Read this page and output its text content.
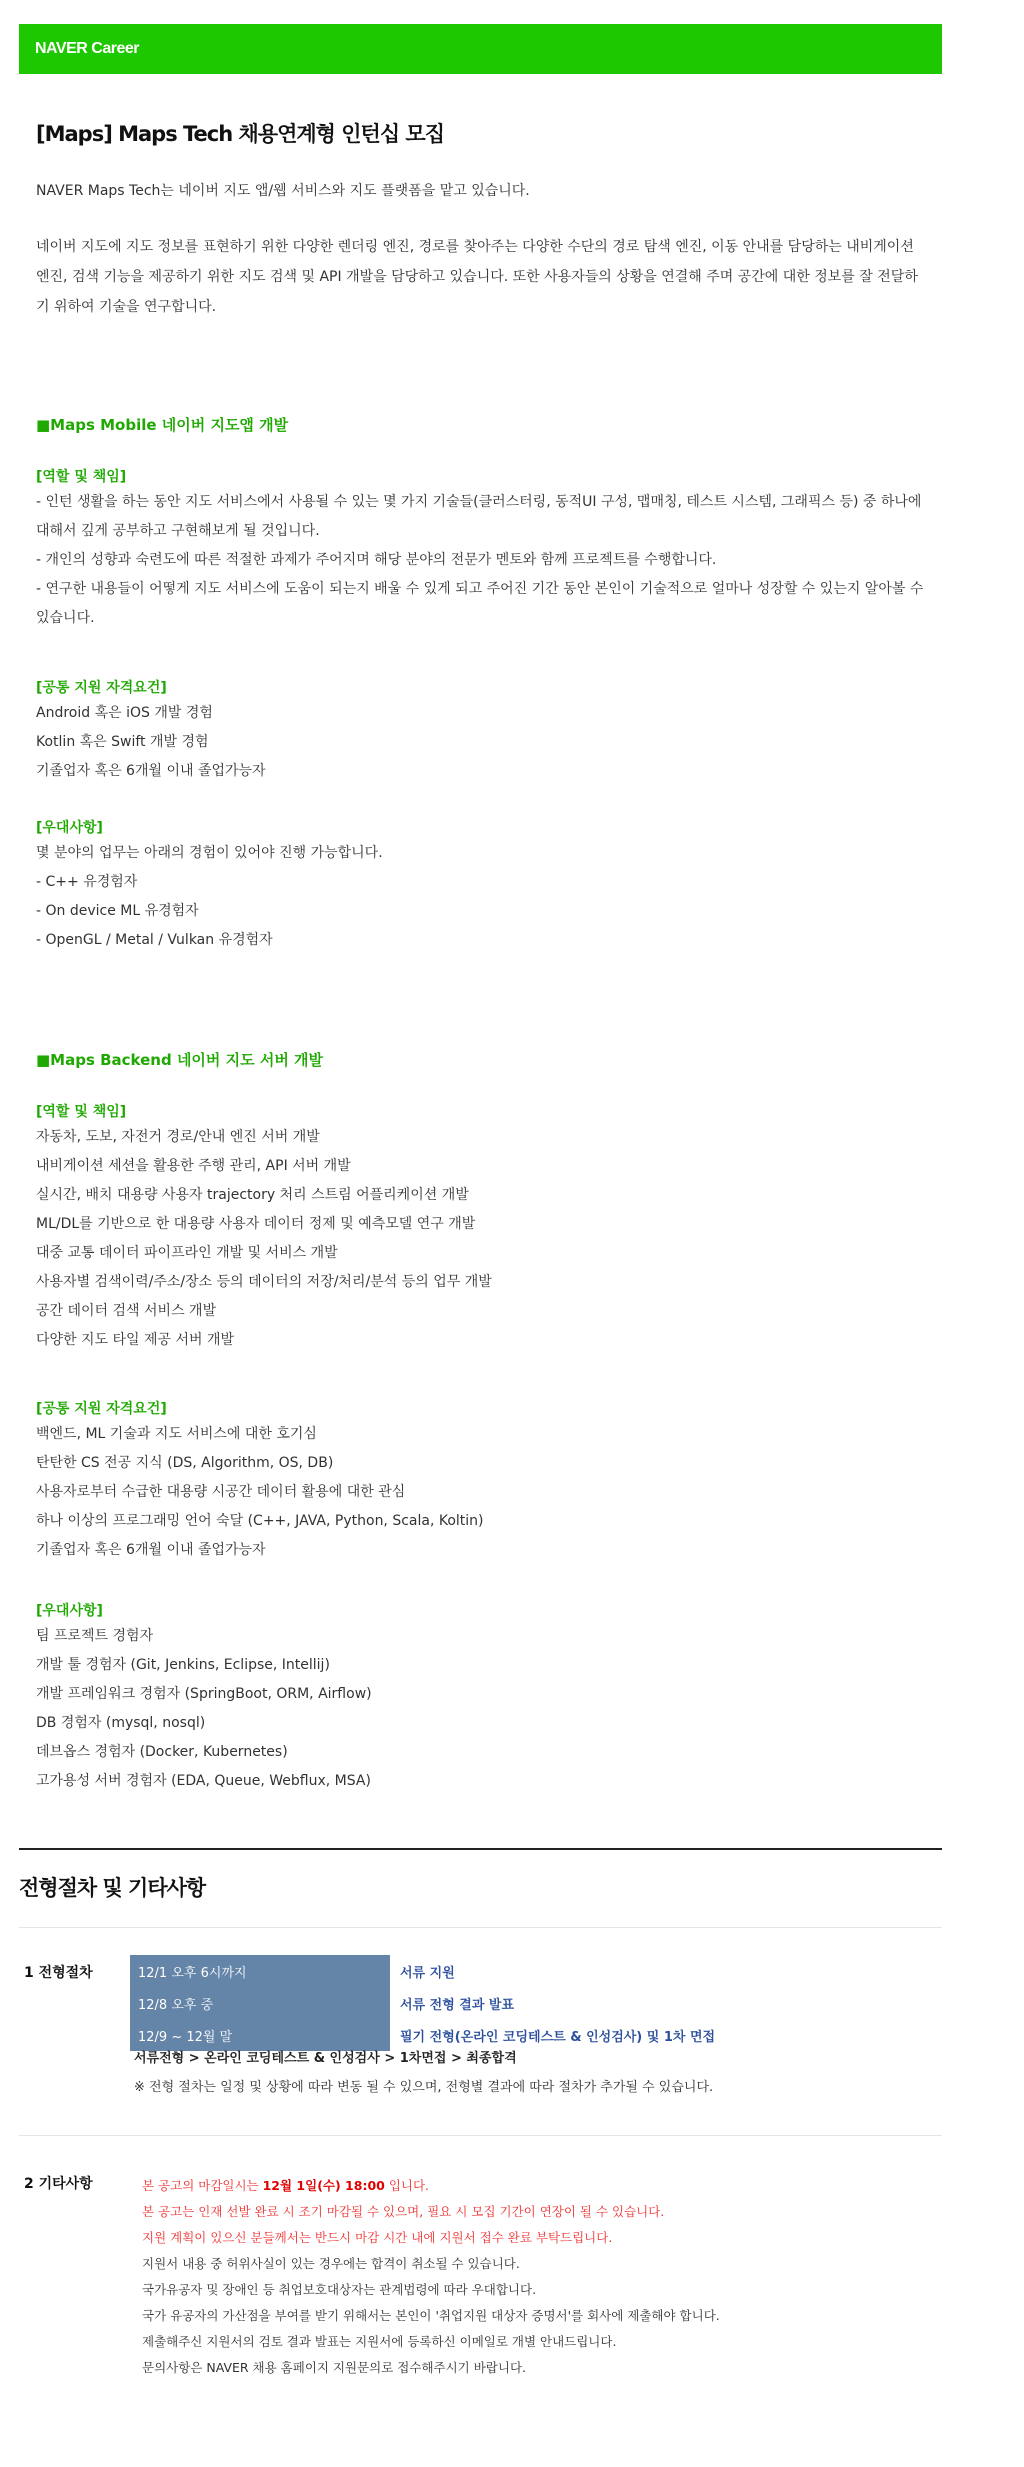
NAVER Career
[Maps] Maps Tech 채용연계형 인턴십 모집
NAVER Maps Tech는 네이버 지도 앱/웹 서비스와 지도 플랫폼을 맡고 있습니다.
네이버 지도에 지도 정보를 표현하기 위한 다양한 렌더링 엔진, 경로를 찾아주는 다양한 수단의 경로 탐색 엔진, 이동 안내를 담당하는 내비게이션 엔진, 검색 기능을 제공하기 위한 지도 검색 및 API 개발을 담당하고 있습니다. 또한 사용자들의 상황을 연결해 주며 공간에 대한 정보를 잘 전달하기 위하여 기술을 연구합니다.
■Maps Mobile 네이버 지도앱 개발
[역할 및 책임]
- 인턴 생활을 하는 동안 지도 서비스에서 사용될 수 있는 몇 가지 기술들(클러스터링, 동적UI 구성, 맵매칭, 테스트 시스템, 그래픽스 등) 중 하나에 대해서 깊게 공부하고 구현해보게 될 것입니다.
- 개인의 성향과 숙련도에 따른 적절한 과제가 주어지며 해당 분야의 전문가 멘토와 함께 프로젝트를 수행합니다.
- 연구한 내용들이 어떻게 지도 서비스에 도움이 되는지 배울 수 있게 되고 주어진 기간 동안 본인이 기술적으로 얼마나 성장할 수 있는지 알아볼 수 있습니다.
[공통 지원 자격요건]
Android 혹은 iOS 개발 경험
Kotlin 혹은 Swift 개발 경험
기졸업자 혹은 6개월 이내 졸업가능자
[우대사항]
몇 분야의 업무는 아래의 경험이 있어야 진행 가능합니다.
- C++ 유경험자
- On device ML 유경험자
- OpenGL / Metal / Vulkan 유경험자
■Maps Backend 네이버 지도 서버 개발
[역할 및 책임]
자동차, 도보, 자전거 경로/안내 엔진 서버 개발
내비게이션 세션을 활용한 주행 관리, API 서버 개발
실시간, 배치 대용량 사용자 trajectory 처리 스트림 어플리케이션 개발
ML/DL를 기반으로 한 대용량 사용자 데이터 정제 및 예측모델 연구 개발
대중 교통 데이터 파이프라인 개발 및 서비스 개발
사용자별 검색이력/주소/장소 등의 데이터의 저장/처리/분석 등의 업무 개발
공간 데이터 검색 서비스 개발
다양한 지도 타일 제공 서버 개발
[공통 지원 자격요건]
백엔드, ML 기술과 지도 서비스에 대한 호기심
탄탄한 CS 전공 지식 (DS, Algorithm, OS, DB)
사용자로부터 수급한 대용량 시공간 데이터 활용에 대한 관심
하나 이상의 프로그래밍 언어 숙달 (C++, JAVA, Python, Scala, Koltin)
기졸업자 혹은 6개월 이내 졸업가능자
[우대사항]
팀 프로젝트 경험자
개발 툴 경험자 (Git, Jenkins, Eclipse, Intellij)
개발 프레임워크 경험자 (SpringBoot, ORM, Airflow)
DB 경험자 (mysql, nosql)
데브옵스 경험자 (Docker, Kubernetes)
고가용성 서버 경험자 (EDA, Queue, Webflux, MSA)
전형절차 및 기타사항
1 전형절차	12/1 오후 6시까지	서류 지원
12/8 오후 중	서류 전형 결과 발표
12/9 ~ 12월 말	필기 전형(온라인 코딩테스트 & 인성검사) 및 1차 면접
서류전형 > 온라인 코딩테스트 & 인성검사 > 1차면접 > 최종합격
※ 전형 절차는 일정 및 상황에 따라 변동 될 수 있으며, 전형별 결과에 따라 절차가 추가될 수 있습니다.
2 기타사항	본 공고의 마감일시는 12월 1일(수) 18:00 입니다.
본 공고는 인재 선발 완료 시 조기 마감될 수 있으며, 필요 시 모집 기간이 연장이 될 수 있습니다.
지원 계획이 있으신 분들께서는 반드시 마감 시간 내에 지원서 접수 완료 부탁드립니다.
지원서 내용 중 허위사실이 있는 경우에는 합격이 취소될 수 있습니다.
국가유공자 및 장애인 등 취업보호대상자는 관계법령에 따라 우대합니다.
국가 유공자의 가산점을 부여를 받기 위해서는 본인이 '취업지원 대상자 증명서'를 회사에 제출해야 합니다.
제출해주신 지원서의 검토 결과 발표는 지원서에 등록하신 이메일로 개별 안내드립니다.
문의사항은 NAVER 채용 홈페이지 지원문의로 접수해주시기 바랍니다.
